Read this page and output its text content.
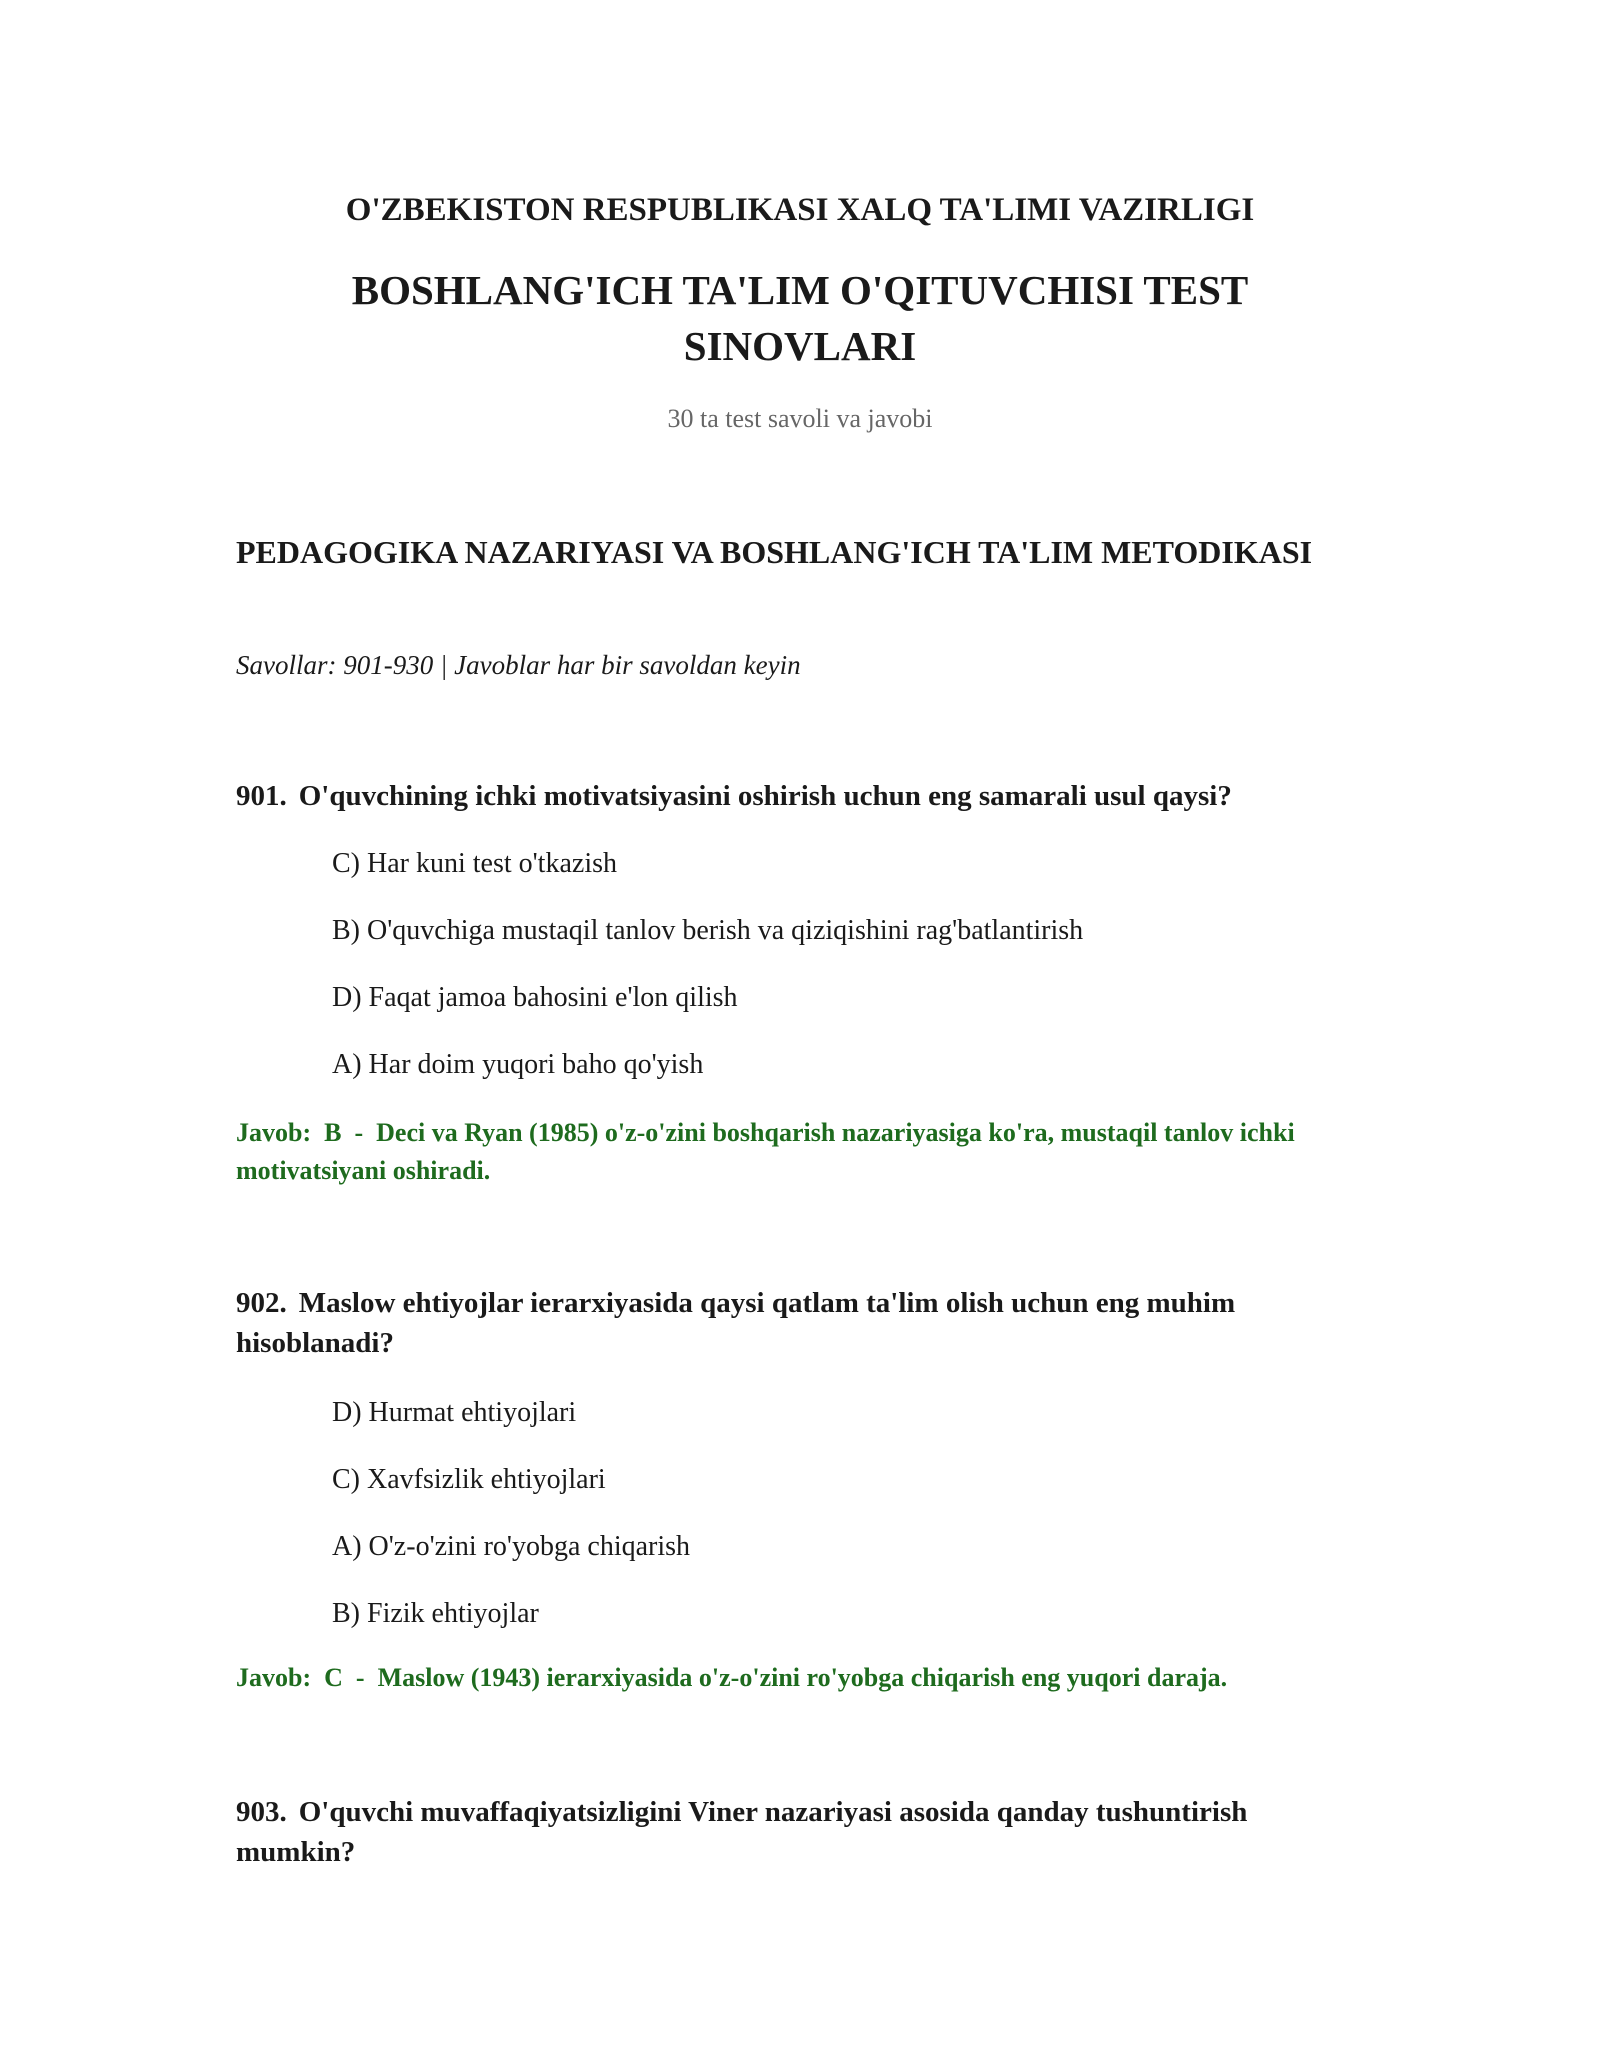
O'ZBEKISTON RESPUBLIKASI XALQ TA'LIMI VAZIRLIGI
BOSHLANG'ICH TA'LIM O'QITUVCHISI TEST SINOVLARI
30 ta test savoli va javobi
PEDAGOGIKA NAZARIYASI VA BOSHLANG'ICH TA'LIM METODIKASI
Savollar: 901-930 | Javoblar har bir savoldan keyin
901. O'quvchining ichki motivatsiyasini oshirish uchun eng samarali usul qaysi?
C) Har kuni test o'tkazish
B) O'quvchiga mustaqil tanlov berish va qiziqishini rag'batlantirish
D) Faqat jamoa bahosini e'lon qilish
A) Har doim yuqori baho qo'yish
Javob: B  -  Deci va Ryan (1985) o'z-o'zini boshqarish nazariyasiga ko'ra, mustaqil tanlov ichki motivatsiyani oshiradi.
902. Maslow ehtiyojlar ierarxiyasida qaysi qatlam ta'lim olish uchun eng muhim hisoblanadi?
D) Hurmat ehtiyojlari
C) Xavfsizlik ehtiyojlari
A) O'z-o'zini ro'yobga chiqarish
B) Fizik ehtiyojlar
Javob: C  -  Maslow (1943) ierarxiyasida o'z-o'zini ro'yobga chiqarish eng yuqori daraja.
903. O'quvchi muvaffaqiyatsizligini Viner nazariyasi asosida qanday tushuntirish mumkin?
